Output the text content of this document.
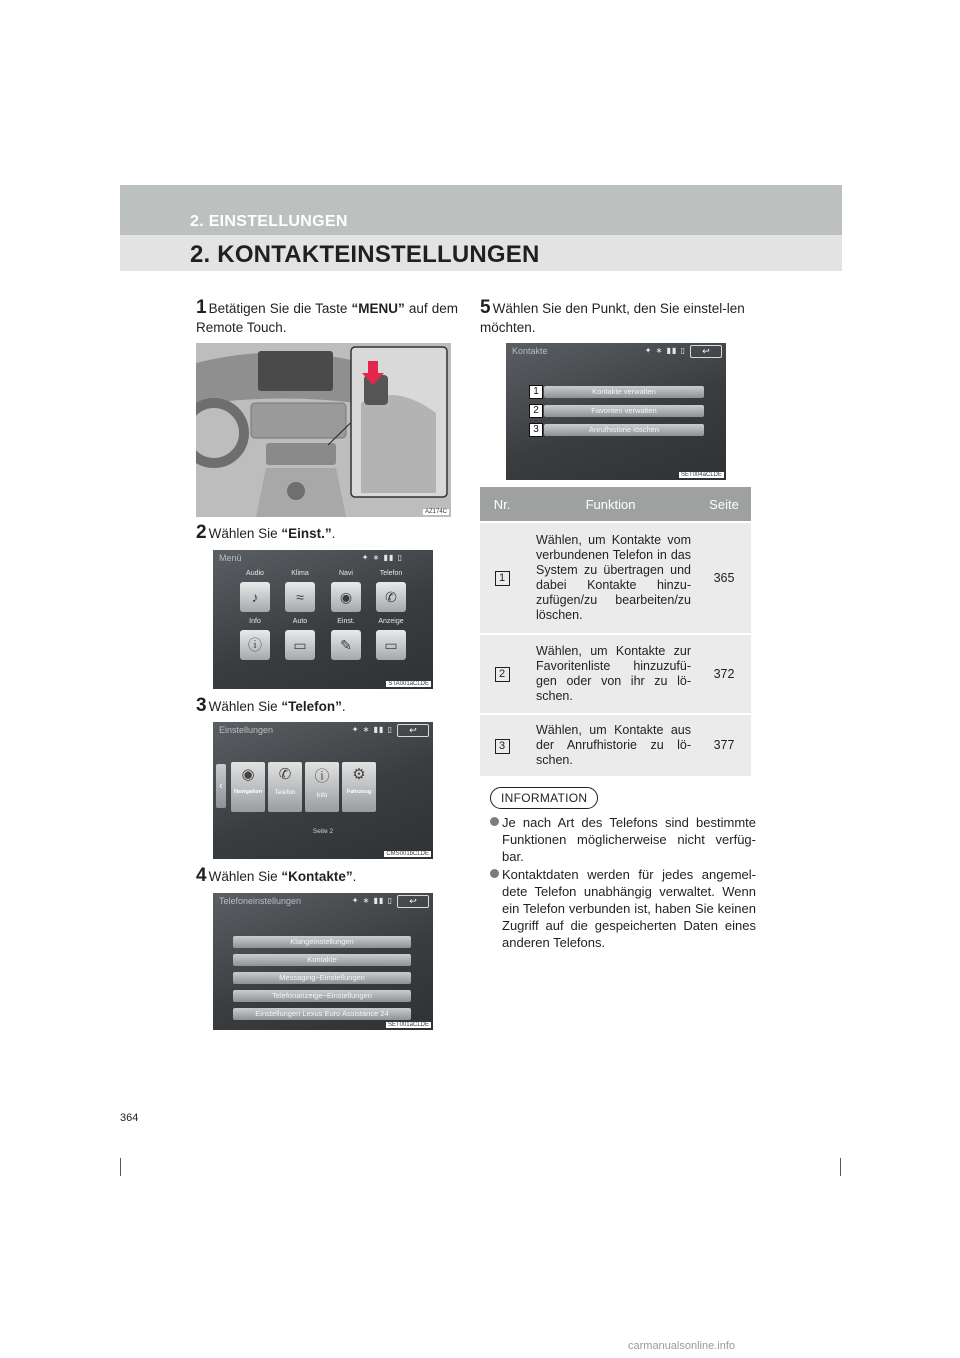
2. EINSTELLUNGEN
2. KONTAKTEINSTELLUNGEN
1 Betätigen Sie die Taste “MENU” auf dem Remote Touch.
AZ174C
2 Wählen Sie “Einst.”.
Menü	✦ ∗ ▮▮ ▯
Audio	Klima	Navi	Telefon
♪	≈	◉	✆
Info	Auto	Einst.	Anzeige
ⓘ	▭	✎	▭
STA001aCLDE
3 Wählen Sie “Telefon”.
Einstellungen	✦ ∗ ▮▮ ▯	↩
‹
◉
Navigation
✆
Telefon
ⓘ
Info
⚙
Fahrzeug
Seite 2
CMS001bCLDE
4 Wählen Sie “Kontakte”.
Telefoneinstellungen	✦ ∗ ▮▮ ▯	↩
Klangeinstellungen
Kontakte
Messaging−Einstellungen
Telefonanzeige−Einstellungen
Einstellungen Lexus Euro Assistance 24
SET001aCLDE
5 Wählen Sie den Punkt, den Sie einstel-len möchten.
Kontakte	✦ ∗ ▮▮ ▯	↩
1
2
3
Kontakte verwalten
Favoriten verwalten
Anrufhistorie löschen
SET004aCLDE
Nr.	Funktion	Seite
1	Wählen, um Kontakte vom verbundenen Telefon in das System zu übertragen und dabei Kontakte hinzu-zufügen/zu bearbeiten/zu löschen.	365
2	Wählen, um Kontakte zur Favoritenliste hinzuzufü-gen oder von ihr zu lö-schen.	372
3	Wählen, um Kontakte aus der Anrufhistorie zu lö-schen.	377
INFORMATION
Je nach Art des Telefons sind bestimmte Funktionen möglicherweise nicht verfüg-bar.
Kontaktdaten werden für jedes angemel-dete Telefon unabhängig verwaltet. Wenn ein Telefon verbunden ist, haben Sie keinen Zugriff auf die gespeicherten Daten eines anderen Telefons.
364
carmanualsonline.info
